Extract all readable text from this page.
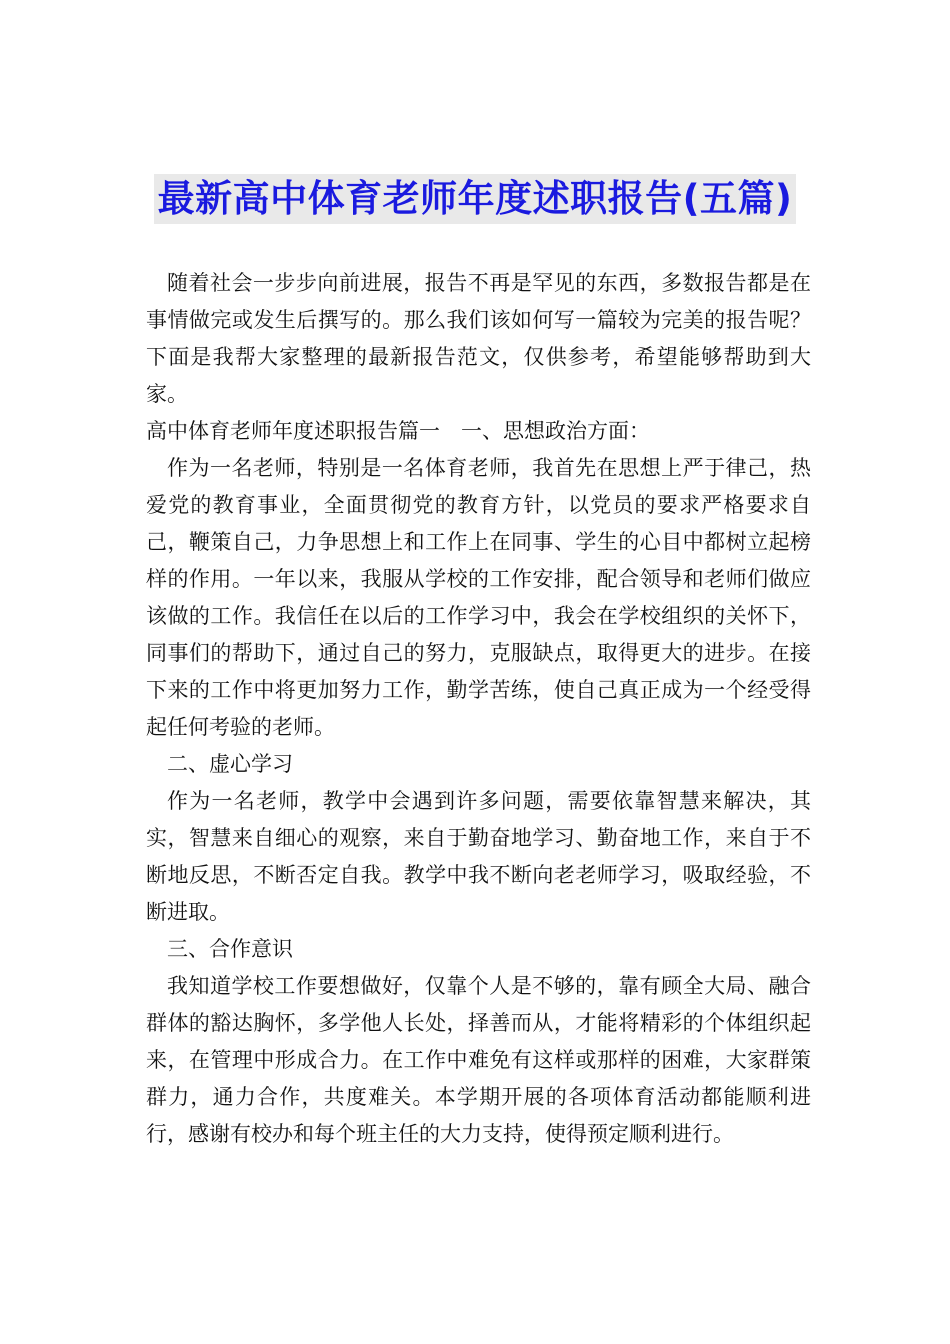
最新高中体育老师年度述职报告(五篇)

随着社会一步步向前进展，报告不再是罕见的东西，多数报告都是在事情做完或发生后撰写的。那么我们该如何写一篇较为完美的报告呢？下面是我帮大家整理的最新报告范文，仅供参考，希望能够帮助到大家。

高中体育老师年度述职报告篇一　一、思想政治方面：

作为一名老师，特别是一名体育老师，我首先在思想上严于律己，热爱党的教育事业，全面贯彻党的教育方针，以党员的要求严格要求自己，鞭策自己，力争思想上和工作上在同事、学生的心目中都树立起榜样的作用。一年以来，我服从学校的工作安排，配合领导和老师们做应该做的工作。我信任在以后的工作学习中，我会在学校组织的关怀下，同事们的帮助下，通过自己的努力，克服缺点，取得更大的进步。在接下来的工作中将更加努力工作，勤学苦练，使自己真正成为一个经受得起任何考验的老师。

二、虚心学习

作为一名老师，教学中会遇到许多问题，需要依靠智慧来解决，其实，智慧来自细心的观察，来自于勤奋地学习、勤奋地工作，来自于不断地反思，不断否定自我。教学中我不断向老老师学习，吸取经验，不断进取。

三、合作意识

我知道学校工作要想做好，仅靠个人是不够的，靠有顾全大局、融合群体的豁达胸怀，多学他人长处，择善而从，才能将精彩的个体组织起来，在管理中形成合力。在工作中难免有这样或那样的困难，大家群策群力，通力合作，共度难关。本学期开展的各项体育活动都能顺利进行，感谢有校办和每个班主任的大力支持，使得预定顺利进行。
